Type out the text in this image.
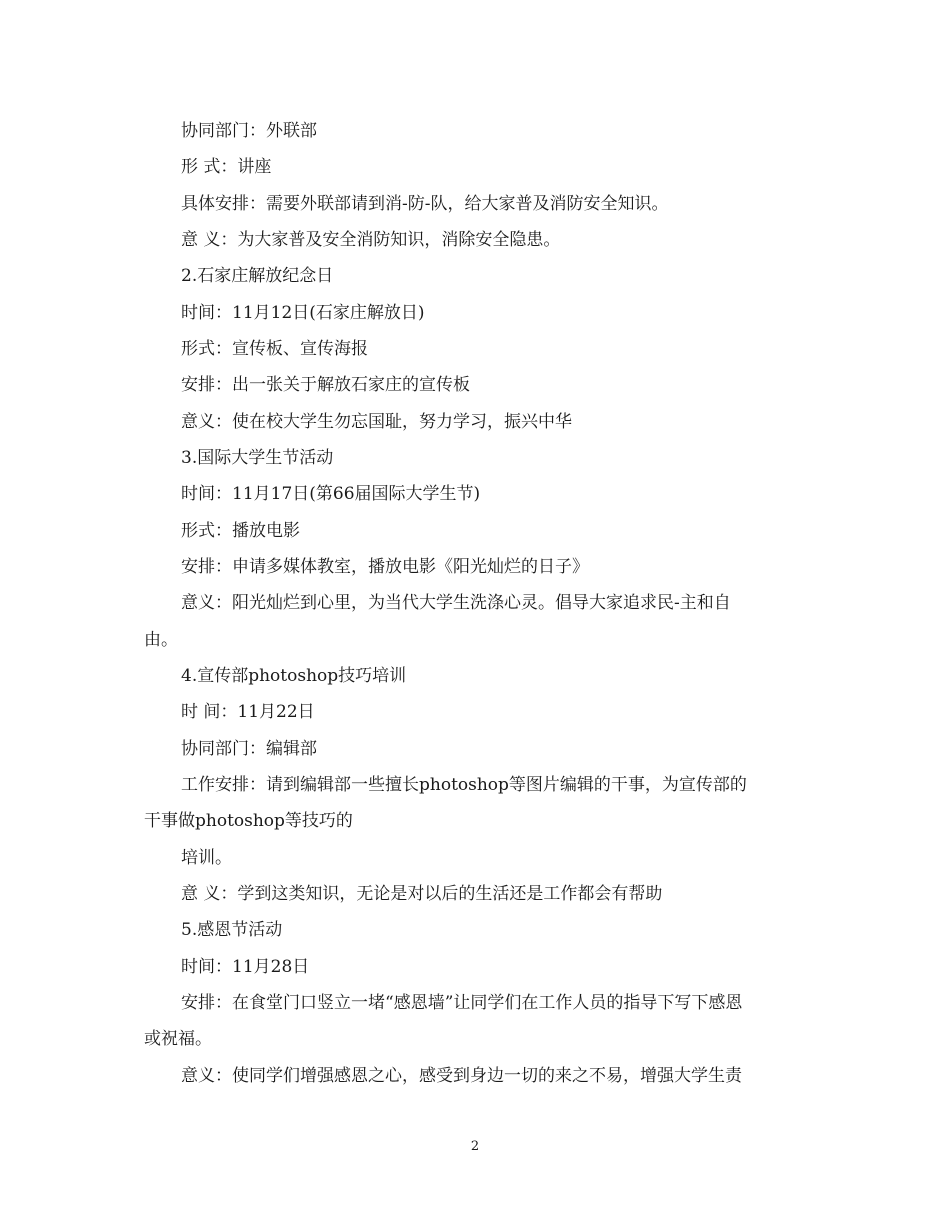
协同部门：外联部
形 式：讲座
具体安排：需要外联部请到消-防-队，给大家普及消防安全知识。
意 义：为大家普及安全消防知识，消除安全隐患。
2.石家庄解放纪念日
时间：11月12日(石家庄解放日)
形式：宣传板、宣传海报
安排：出一张关于解放石家庄的宣传板
意义：使在校大学生勿忘国耻，努力学习，振兴中华
3.国际大学生节活动
时间：11月17日(第66届国际大学生节)
形式：播放电影
安排：申请多媒体教室，播放电影《阳光灿烂的日子》
意义：阳光灿烂到心里，为当代大学生洗涤心灵。倡导大家追求民-主和自
由。
4.宣传部photoshop技巧培训
时 间：11月22日
协同部门：编辑部
工作安排：请到编辑部一些擅长photoshop等图片编辑的干事，为宣传部的
干事做photoshop等技巧的
培训。
意 义：学到这类知识，无论是对以后的生活还是工作都会有帮助
5.感恩节活动
时间：11月28日
安排：在食堂门口竖立一堵“感恩墙”让同学们在工作人员的指导下写下感恩
或祝福。
意义：使同学们增强感恩之心，感受到身边一切的来之不易，增强大学生责
2
